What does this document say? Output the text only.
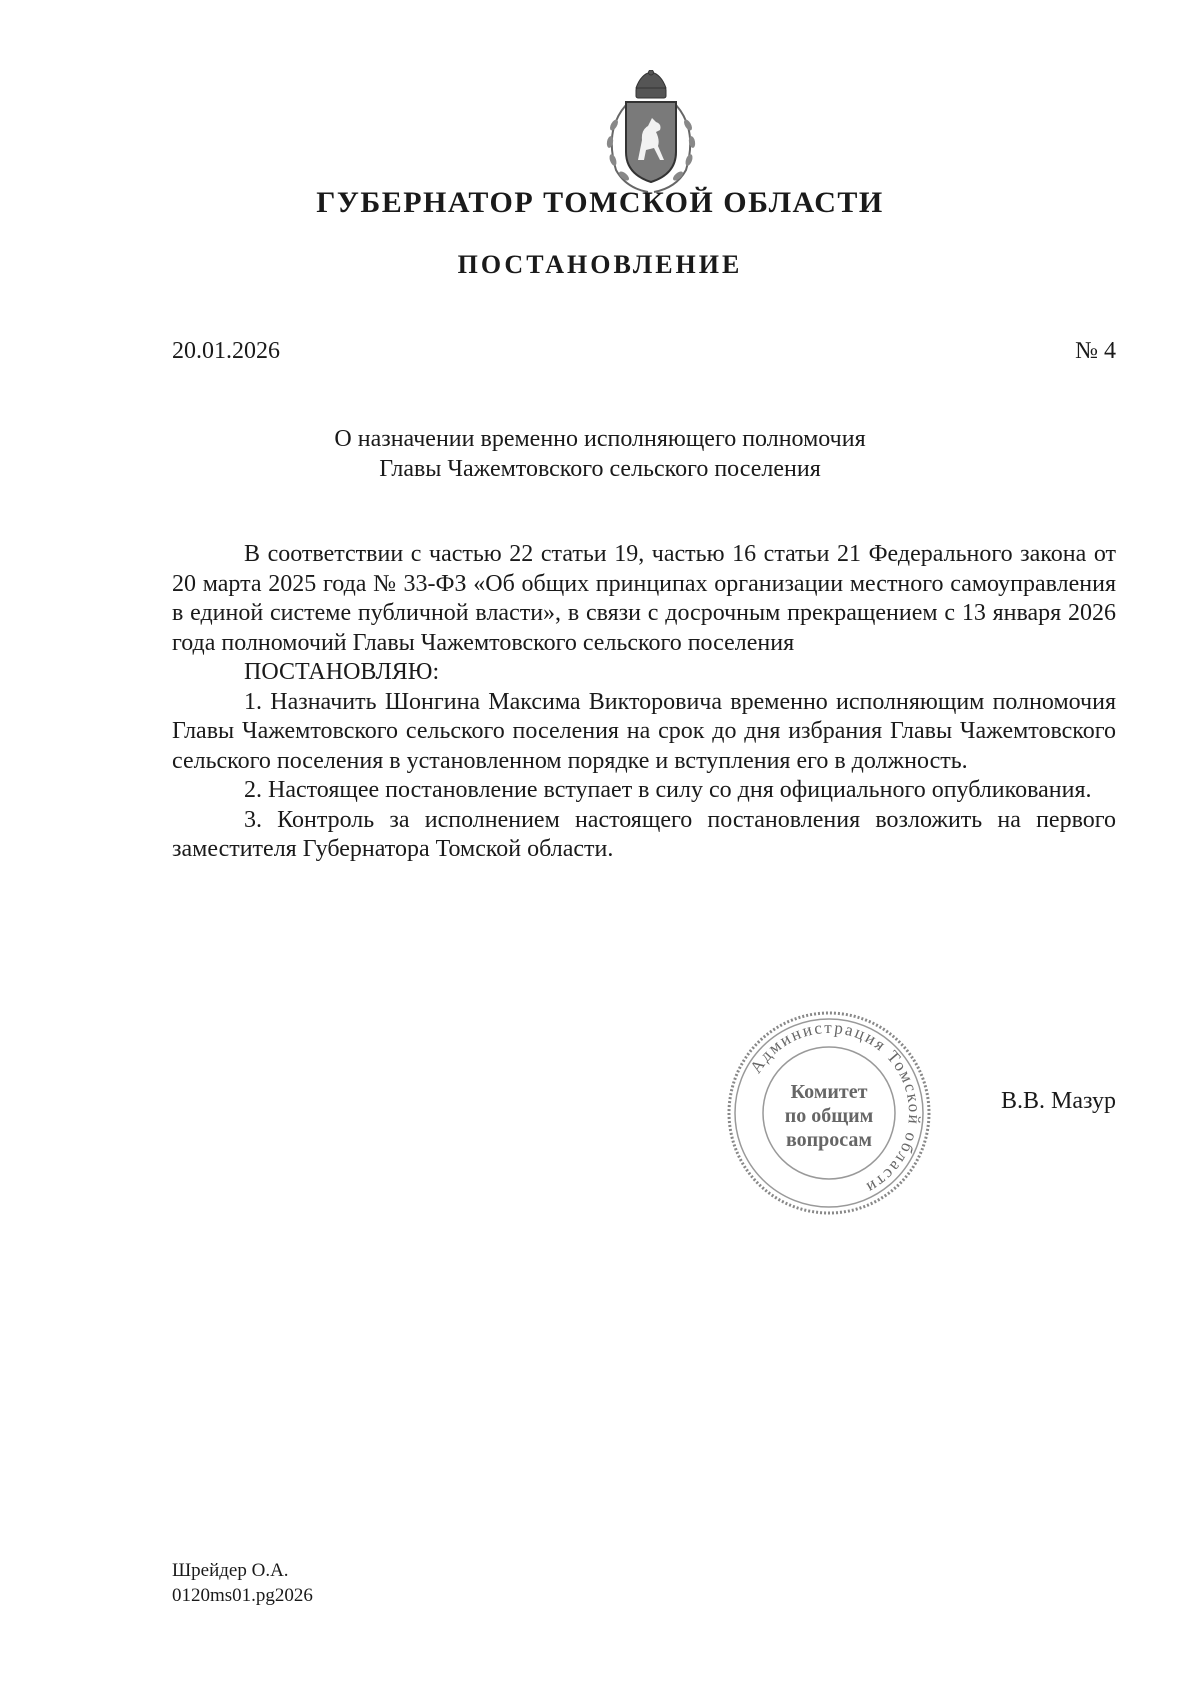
ГУБЕРНАТОР ТОМСКОЙ ОБЛАСТИ
ПОСТАНОВЛЕНИЕ
20.01.2026	№ 4
О назначении временно исполняющего полномочия
Главы Чажемтовского сельского поселения

В соответствии с частью 22 статьи 19, частью 16 статьи 21 Федерального закона от 20 марта 2025 года № 33-ФЗ «Об общих принципах организации местного самоуправления в единой системе публичной власти», в связи с досрочным прекращением с 13 января 2026 года полномочий Главы Чажемтовского сельского поселения

ПОСТАНОВЛЯЮ:

1. Назначить Шонгина Максима Викторовича временно исполняющим полномочия Главы Чажемтовского сельского поселения на срок до дня избрания Главы Чажемтовского сельского поселения в установленном порядке и вступления его в должность.

2. Настоящее постановление вступает в силу со дня официального опубликования.

3. Контроль за исполнением настоящего постановления возложить на первого заместителя Губернатора Томской области.

Администрация Томской области
Комитет
по общим
вопросам
В.В. Мазур
Шрейдер О.А.
0120ms01.pg2026
